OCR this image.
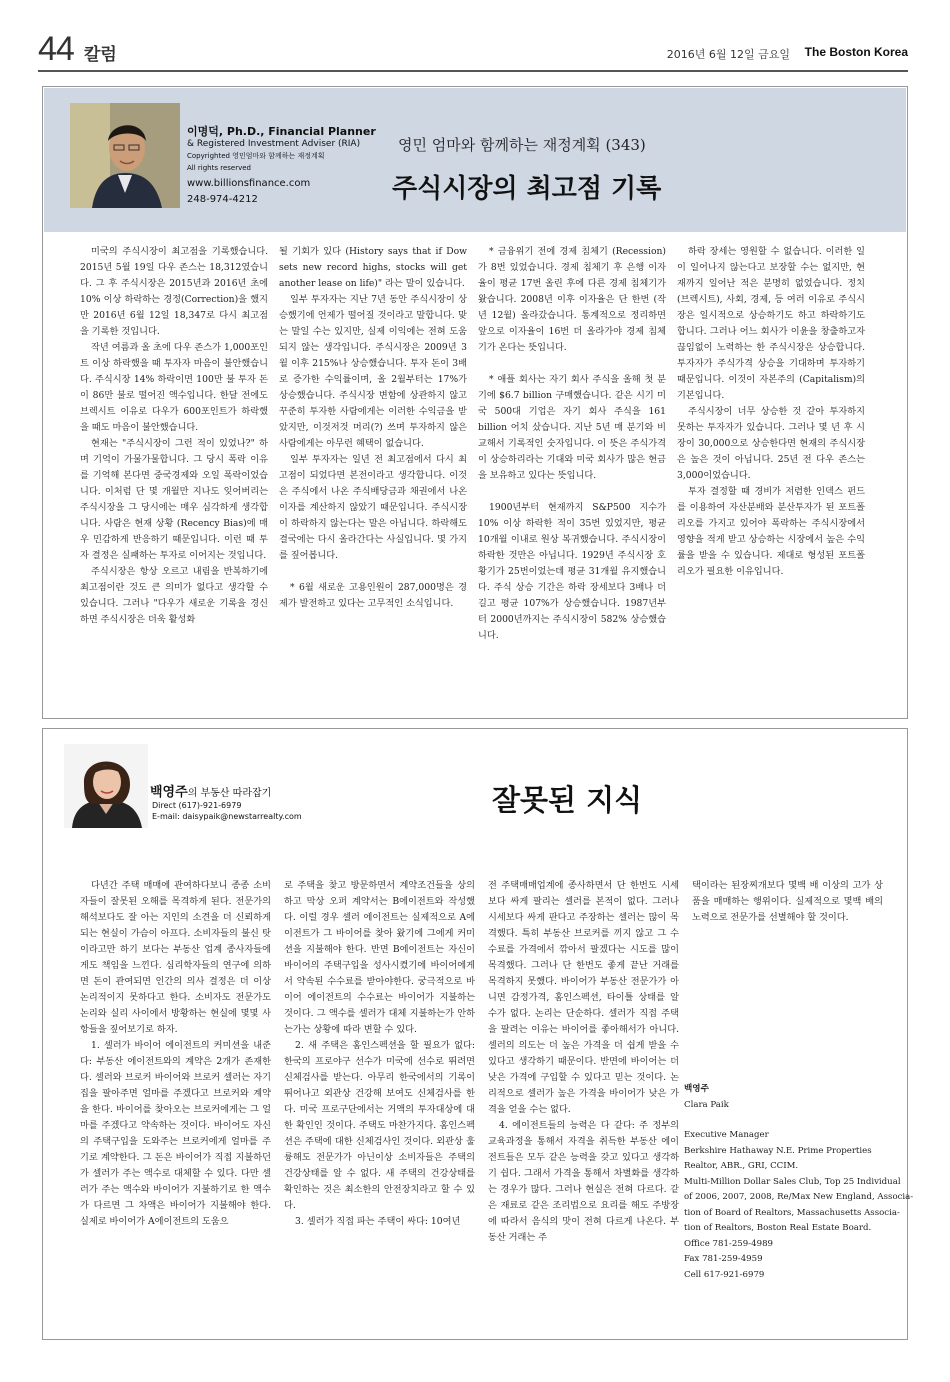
44 칼럼	2016년 6월 12일 금요일 The Boston Korea
이명덕, Ph.D., Financial Planner
& Registered Investment Adviser (RIA)
Copyrighted 영민엄마와 함께하는 재정계획
All rights reserved
www.billionsfinance.com
248-974-4212
영민 엄마와 함께하는 재정계획 (343)
주식시장의 최고점 기록

미국의 주식시장이 최고점을 기록했습니다. 2015년 5월 19일 다우 존스는 18,312였습니다. 그 후 주식시장은 2015년과 2016년 초에 10% 이상 하락하는 경정(Correction)을 했지만 2016년 6월 12일 18,347로 다시 최고점을 기록한 것입니다.

작년 여름과 올 초에 다우 존스가 1,000포인트 이상 하락했을 때 투자자 마음이 불안했습니다. 주식시장 14% 하락이면 100만 불 투자 돈이 86만 불로 떨어진 액수입니다. 한달 전에도 브렉시트 이유로 다우가 600포인트가 하락했을 때도 마음이 불안했습니다.

현재는 "주식시장이 그런 적이 있었나?" 하며 기억이 가물가물합니다. 그 당시 폭락 이유를 기억해 본다면 중국경제와 오일 폭락이었습니다. 이처럼 단 몇 개월만 지나도 잊어버리는 주식시장을 그 당시에는 매우 심각하게 생각합니다. 사람은 현재 상황 (Recency Bias)에 매우 민감하게 반응하기 때문입니다. 이런 때 투자 결정은 실패하는 투자로 이어지는 것입니다.

주식시장은 항상 오르고 내림을 반복하기에 최고점이란 것도 큰 의미가 없다고 생각할 수 있습니다. 그러나 "다우가 새로운 기록을 경신하면 주식시장은 더욱 활성화

될 기회가 있다 (History says that if Dow sets new record highs, stocks will get another lease on life)" 라는 말이 있습니다.

일부 투자자는 지난 7년 동안 주식시장이 상승했기에 언제가 떨어질 것이라고 말합니다. 맞는 말일 수는 있지만, 실제 이익에는 전혀 도움되지 않는 생각입니다. 주식시장은 2009년 3월 이후 215%나 상승했습니다. 투자 돈이 3배로 증가한 수익률이며, 올 2월부터는 17%가 상승했습니다. 주식시장 변함에 상관하지 않고 꾸준히 투자한 사람에게는 이러한 수익금을 받았지만, 이것저것 머리(?) 쓰며 투자하지 않은 사람에게는 아무런 혜택이 없습니다.

일부 투자자는 일년 전 최고점에서 다시 최고점이 되었다면 본전이라고 생각합니다. 이것은 주식에서 나온 주식배당금과 채권에서 나온 이자를 계산하지 않았기 때문입니다. 주식시장이 하락하지 않는다는 말은 아닙니다. 하락해도 결국에는 다시 올라간다는 사실입니다. 몇 가지를 짚어봅니다.

* 6월 새로운 고용인원이 287,000명은 경제가 발전하고 있다는 고무적인 소식입니다.

* 금융위기 전에 경제 침체기 (Recession)가 8번 있었습니다. 경제 침체기 후 은행 이자율이 평균 17번 올린 후에 다른 경제 침체기가 왔습니다. 2008년 이후 이자율은 단 한번 (작년 12월) 올라갔습니다. 통계적으로 정리하면 앞으로 이자율이 16번 더 올라가야 경제 침체기가 온다는 뜻입니다.

* 애플 회사는 자기 회사 주식을 올해 첫 분기에 $6.7 billion 구매했습니다. 같은 시기 미국 500대 기업은 자기 회사 주식을 161 billion 어치 샀습니다. 지난 5년 매 분기와 비교해서 기록적인 숫자입니다. 이 뜻은 주식가격이 상승하리라는 기대와 미국 회사가 많은 현금을 보유하고 있다는 뜻입니다.

1900년부터 현재까지 S&P500 지수가 10% 이상 하락한 적이 35번 있었지만, 평균 10개월 이내로 원상 복귀했습니다. 주식시장이 하락한 것만은 아닙니다. 1929년 주식시장 호황기가 25번이었는데 평균 31개월 유지했습니다. 주식 상승 기간은 하락 장세보다 3배나 더 길고 평균 107%가 상승했습니다. 1987년부터 2000년까지는 주식시장이 582% 상승했습니다.

하락 장세는 영원할 수 없습니다. 이러한 일이 일어나지 않는다고 보장할 수는 없지만, 현재까지 일어난 적은 분명히 없었습니다. 정치 (브렉시트), 사회, 경제, 등 여러 이유로 주식시장은 일시적으로 상승하기도 하고 하락하기도 합니다. 그러나 어느 회사가 이윤을 창출하고자 끊임없이 노력하는 한 주식시장은 상승합니다. 투자자가 주식가격 상승을 기대하며 투자하기 때문입니다. 이것이 자본주의 (Capitalism)의 기본입니다.

주식시장이 너무 상승한 것 같아 투자하지 못하는 투자자가 있습니다. 그러나 몇 년 후 시장이 30,000으로 상승한다면 현재의 주식시장은 높은 것이 아닙니다. 25년 전 다우 존스는 3,000이었습니다.

투자 결정할 때 경비가 저렴한 인덱스 펀드를 이용하여 자산분배와 분산투자가 된 포트폴리오를 가지고 있어야 폭락하는 주식시장에서 영향을 적게 받고 상승하는 시장에서 높은 수익률을 받을 수 있습니다. 제대로 형성된 포트폴리오가 필요한 이유입니다.

백영주의 부동산 따라잡기
Direct (617)-921-6979
E-mail: daisypaik@newstarrealty.com	잘못된 지식

다년간 주택 매매에 관여하다보니 종종 소비자들이 잘못된 오해를 목격하게 된다. 전문가의 해석보다도 잘 아는 지인의 소견을 더 신뢰하게 되는 현실이 가슴이 아프다. 소비자들의 불신 탓이라고만 하기 보다는 부동산 업계 종사자들에게도 책임을 느낀다. 심리학자들의 연구에 의하면 돈이 관여되면 인간의 의사 결정은 더 이상 논리적이지 못하다고 한다. 소비자도 전문가도 논리와 실리 사이에서 방황하는 현실에 몇몇 사항들을 짚어보기로 하자.

1. 셀러가 바이어 에이전트의 커미션을 내준다: 부동산 에이전트와의 계약은 2개가 존재한다. 셀러와 브로커 바이어와 브로커 셀러는 자기집을 팔아주면 얼마를 주겠다고 브로커와 계약을 한다. 바이어를 찾아오는 브로커에게는 그 얼마를 주겠다고 약속하는 것이다. 바이어도 자신의 주택구입을 도와주는 브로커에게 얼마를 주기로 계약한다. 그 돈은 바이어가 직접 지불하던가 셀러가 주는 액수로 대체할 수 있다. 다만 셀러가 주는 액수와 바이어가 지불하기로 한 액수가 다르면 그 차액은 바이어가 지불해야 한다. 실제로 바이어가 A에이전트의 도움으

로 주택을 찾고 방문하면서 계약조건들을 상의하고 막상 오퍼 계약서는 B에이전트와 작성했다. 이럴 경우 셀러 에이전트는 실제적으로 A에이전트가 그 바이어를 찾아 왔기에 그에게 커미션을 지불해야 한다. 반면 B에이전트는 자신이 바이어의 주택구입을 성사시켰기에 바이어에게서 약속된 수수료를 받아야한다. 궁극적으로 바이어 에이전트의 수수료는 바이어가 지불하는 것이다. 그 액수를 셀러가 대체 지불하는가 안하는가는 상황에 따라 변할 수 있다.

2. 새 주택은 홈인스펙션을 할 필요가 없다: 한국의 프로야구 선수가 미국에 선수로 뛰려면 신체검사를 받는다. 아무리 한국에서의 기록이 뛰어나고 외관상 건강해 보여도 신체검사를 한다. 미국 프로구단에서는 거액의 투자대상에 대한 확인인 것이다. 주택도 마찬가지다. 홈인스펙션은 주택에 대한 신체검사인 것이다. 외관상 훌륭해도 전문가가 아닌이상 소비자들은 주택의 건강상태를 알 수 없다. 새 주택의 건강상태를 확인하는 것은 최소한의 안전장치라고 할 수 있다.

3. 셀러가 직접 파는 주택이 싸다: 10여년

전 주택매매업계에 종사하면서 단 한번도 시세보다 싸게 팔리는 셀러를 본적이 없다. 그러나 시세보다 싸게 판다고 주장하는 셀러는 많이 목격했다. 특히 부동산 브로커를 끼지 않고 그 수수료를 가격에서 깎아서 팔겠다는 시도를 많이 목격했다. 그러나 단 한번도 좋게 끝난 거래를 목격하지 못했다. 바이어가 부동산 전문가가 아니면 감정가격, 홈인스펙션, 타이틀 상태를 알 수가 없다. 논리는 단순하다. 셀러가 직접 주택을 팔려는 이유는 바이어를 좋아해서가 아니다. 셀러의 의도는 더 높은 가격을 더 쉽게 받을 수 있다고 생각하기 때문이다. 반면에 바이어는 더 낮은 가격에 구입할 수 있다고 믿는 것이다. 논리적으로 셀러가 높은 가격을 바이어가 낮은 가격을 얻을 수는 없다.

4. 에이전트들의 능력은 다 같다: 주 정부의 교육과정을 통해서 자격을 취득한 부동산 에이전트들은 모두 같은 능력을 갖고 있다고 생각하기 쉽다. 그래서 가격을 통해서 차별화를 생각하는 경우가 많다. 그러나 현실은 전혀 다르다. 같은 재료로 같은 조리법으로 요리를 해도 주방장에 따라서 음식의 맛이 전혀 다르게 나온다. 부동산 거래는 주

택이라는 된장찌개보다 몇백 배 이상의 고가 상품을 매매하는 행위이다. 실제적으로 몇백 배의 노력으로 전문가를 선별해야 할 것이다.

백영주
Clara Paik
Executive Manager
Berkshire Hathaway N.E. Prime Properties
Realtor, ABR., GRI, CCIM.
Multi-Million Dollar Sales Club, Top 25 Individual
of 2006, 2007, 2008, Re/Max New England, Associa-
tion of Board of Realtors, Massachusetts Associa-
tion of Realtors, Boston Real Estate Board.
Office 781-259-4989
Fax 781-259-4959
Cell 617-921-6979
